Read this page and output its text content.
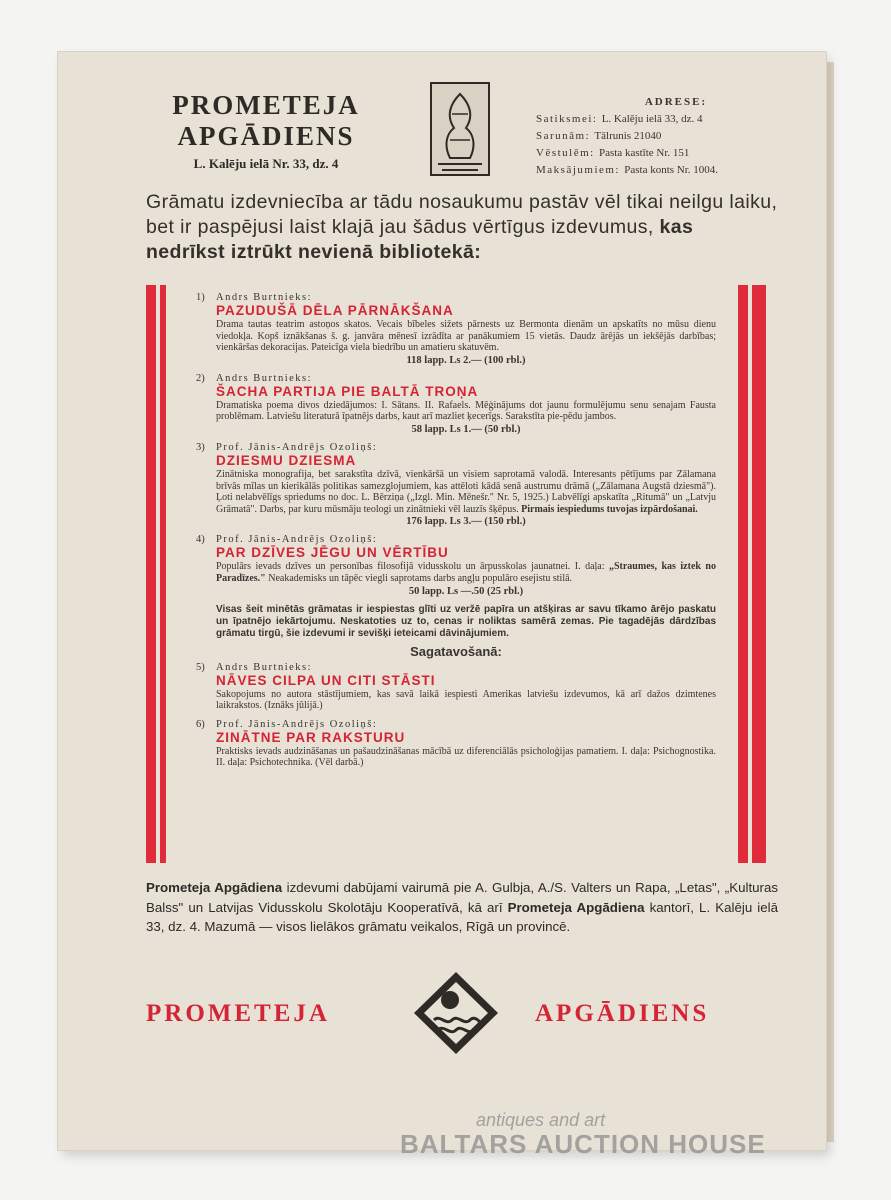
PROMETEJA
APGĀDIENS
L. Kalēju ielā Nr. 33, dz. 4
ADRESE:
Satiksmei: L. Kalēju ielā 33, dz. 4
Sarunām: Tālrunis 21040
Vēstulēm: Pasta kastīte Nr. 151
Maksājumiem: Pasta konts Nr. 1004.
Grāmatu izdevniecība ar tādu nosaukumu pastāv vēl tikai neilgu laiku, bet ir paspējusi laist klajā jau šādus vērtīgus izdevumus, kas nedrīkst iztrūkt nevienā bibliotekā:
1) Andrs Burtnieks:
PAZUDUŠĀ DĒLA PĀRNĀKŠANA
Drama tautas teatrim astoņos skatos. Vecais bībeles sižets pārnests uz Bermonta dienām un apskatīts no mūsu dienu viedokļa. Kopš iznākšanas š. g. janvāra mēnesī izrādīta ar panākumiem 15 vietās. Daudz ārējās un iekšējās darbības; vienkāršas dekoracijas. Pateicīga viela biedrību un amatieru skatuvēm.
118 lapp. Ls 2.— (100 rbl.)
2) Andrs Burtnieks:
ŠACHA PARTIJA PIE BALTĀ TROŅA
Dramatiska poema divos dziedājumos: I. Sātans. II. Rafaels. Mēģinājums dot jaunu formulējumu senu senajam Fausta problēmam. Latviešu literaturā īpatnējs darbs, kaut arī mazliet ķecerīgs. Sarakstīta pie-pēdu jambos.
58 lapp. Ls 1.— (50 rbl.)
3) Prof. Jānis-Andrējs Ozoliņš:
DZIESMU DZIESMA
Zinātniska monografija, bet sarakstīta dzīvā, vienkāršā un visiem saprotamā valodā. Interesants pētījums par Zālamana brīvās mīlas un kierikālās politikas samezglojumiem, kas attēloti kādā senā austrumu drāmā („Zālamana Augstā dziesmā"). Ļoti nelabvēlīgs spriedums no doc. L. Bērziņa („Izgl. Min. Mēnešr." Nr. 5, 1925.) Labvēlīgi apskatīta „Ritumā" un „Latvju Grāmatā". Darbs, par kuru mūsmāju teologi un zinātnieki vēl lauzīs šķēpus. Pirmais iespiedums tuvojas izpārdošanai.
176 lapp. Ls 3.— (150 rbl.)
4) Prof. Jānis-Andrējs Ozoliņš:
PAR DZĪVES JĒGU UN VĒRTĪBU
Populārs ievads dzīves un personības filosofijā vidusskolu un ārpusskolas jaunatnei. I. daļa: „Straumes, kas iztek no Paradīzes." Neakademisks un tāpēc viegli saprotams darbs angļu populāro esejistu stilā.
50 lapp. Ls —.50 (25 rbl.)
Visas šeit minētās grāmatas ir iespiestas glīti uz veržē papīra un atšķiras ar savu tīkamo ārējo paskatu un īpatnējo iekārtojumu. Neskatoties uz to, cenas ir noliktas samērā zemas. Pie tagadējās dārdzības grāmatu tirgū, šie izdevumi ir sevišķi ieteicami dāvinājumiem.
Sagatavošanā:
5) Andrs Burtnieks:
NĀVES CILPA UN CITI STĀSTI
Sakopojums no autora stāstījumiem, kas savā laikā iespiesti Amerikas latviešu izdevumos, kā arī dažos dzimtenes laikrakstos. (Iznāks jūlijā.)
6) Prof. Jānis-Andrējs Ozoliņš:
ZINĀTNE PAR RAKSTURU
Praktisks ievads audzināšanas un pašaudzināšanas mācībā uz diferenciālās psicholoģijas pamatiem. I. daļa: Psichognostika. II. daļa: Psichotechnika. (Vēl darbā.)
Prometeja Apgādiena izdevumi dabūjami vairumā pie A. Gulbja, A./S. Valters un Rapa, „Letas", „Kulturas Balss" un Latvijas Vidusskolu Skolotāju Kooperatīvā, kā arī Prometeja Apgādiena kantorī, L. Kalēju ielā 33, dz. 4. Mazumā — visos lielākos grāmatu veikalos, Rīgā un provincē.
PROMETEJA	APGĀDIENS
antiques and art
BALTARS AUCTION HOUSE
